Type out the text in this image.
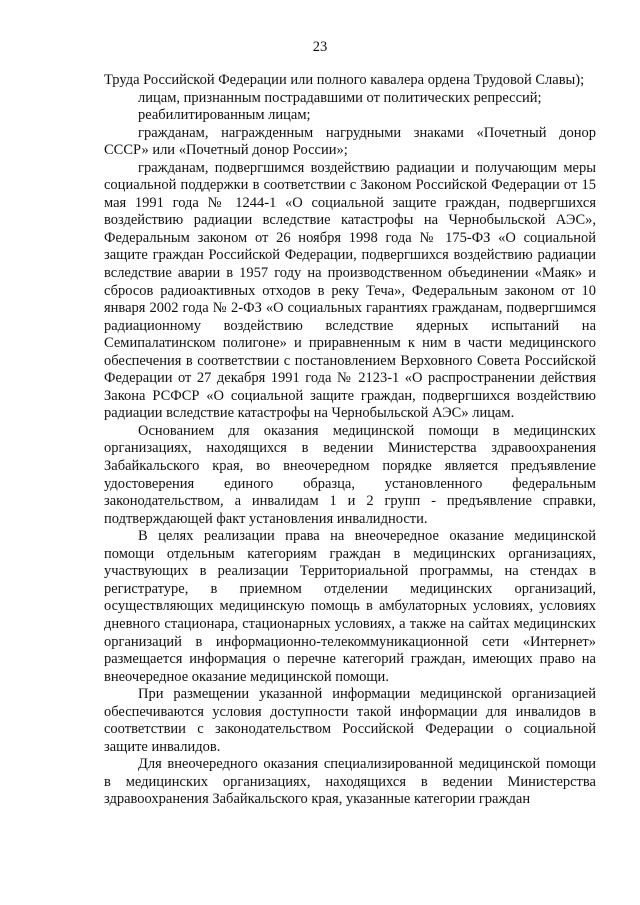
23

Труда Российской Федерации или полного кавалера ордена Трудовой Славы);

лицам, признанным пострадавшими от политических репрессий;

реабилитированным лицам;

гражданам, награжденным нагрудными знаками «Почетный донор СССР» или «Почетный донор России»;

гражданам, подвергшимся воздействию радиации и получающим меры социальной поддержки в соответствии с Законом Российской Федерации от 15 мая 1991 года № 1244-1 «О социальной защите граждан, подвергшихся воздействию радиации вследствие катастрофы на Чернобыльской АЭС», Федеральным законом от 26 ноября 1998 года № 175-ФЗ «О социальной защите граждан Российской Федерации, подвергшихся воздействию радиации вследствие аварии в 1957 году на производственном объединении «Маяк» и сбросов радиоактивных отходов в реку Теча», Федеральным законом от 10 января 2002 года № 2-ФЗ «О социальных гарантиях гражданам, подвергшимся радиационному воздействию вследствие ядерных испытаний на Семипалатинском полигоне» и приравненным к ним в части медицинского обеспечения в соответствии с постановлением Верховного Совета Российской Федерации от 27 декабря 1991 года № 2123-1 «О распространении действия Закона РСФСР «О социальной защите граждан, подвергшихся воздействию радиации вследствие катастрофы на Чернобыльской АЭС» лицам.

Основанием для оказания медицинской помощи в медицинских организациях, находящихся в ведении Министерства здравоохранения Забайкальского края, во внеочередном порядке является предъявление удостоверения единого образца, установленного федеральным законодательством, а инвалидам 1 и 2 групп - предъявление справки, подтверждающей факт установления инвалидности.

В целях реализации права на внеочередное оказание медицинской помощи отдельным категориям граждан в медицинских организациях, участвующих в реализации Территориальной программы, на стендах в регистратуре, в приемном отделении медицинских организаций, осуществляющих медицинскую помощь в амбулаторных условиях, условиях дневного стационара, стационарных условиях, а также на сайтах медицинских организаций в информационно-телекоммуникационной сети «Интернет» размещается информация о перечне категорий граждан, имеющих право на внеочередное оказание медицинской помощи.

При размещении указанной информации медицинской организацией обеспечиваются условия доступности такой информации для инвалидов в соответствии с законодательством Российской Федерации о социальной защите инвалидов.

Для внеочередного оказания специализированной медицинской помощи в медицинских организациях, находящихся в ведении Министерства здравоохранения Забайкальского края, указанные категории граждан
